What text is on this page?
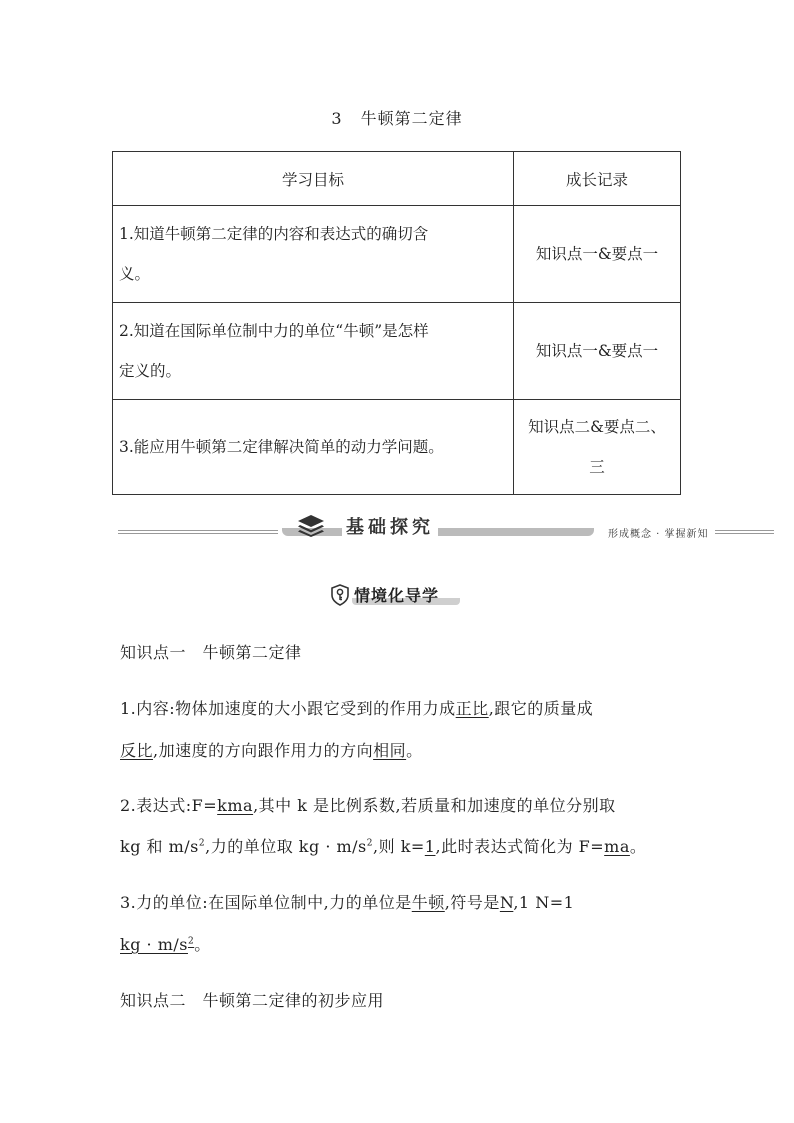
3 牛顿第二定律
学习目标	成长记录
1.知道牛顿第二定律的内容和表达式的确切含
义。	知识点一&要点一
2.知道在国际单位制中力的单位“牛顿”是怎样
定义的。	知识点一&要点一
3.能应用牛顿第二定律解决简单的动力学问题。	知识点二&要点二、
三
基础探究	形成概念 · 掌握新知
情境化导学
知识点一　牛顿第二定律
1.内容:物体加速度的大小跟它受到的作用力成正比,跟它的质量成
反比,加速度的方向跟作用力的方向相同。
2.表达式:F=kma,其中 k 是比例系数,若质量和加速度的单位分别取
kg 和 $m/s^2$,力的单位取 kg · $m/s^2$,则 k=1,此时表达式简化为 F=ma。
3.力的单位:在国际单位制中,力的单位是牛顿,符号是N,1 N=1
kg · $m/s^2$。
知识点二　牛顿第二定律的初步应用
